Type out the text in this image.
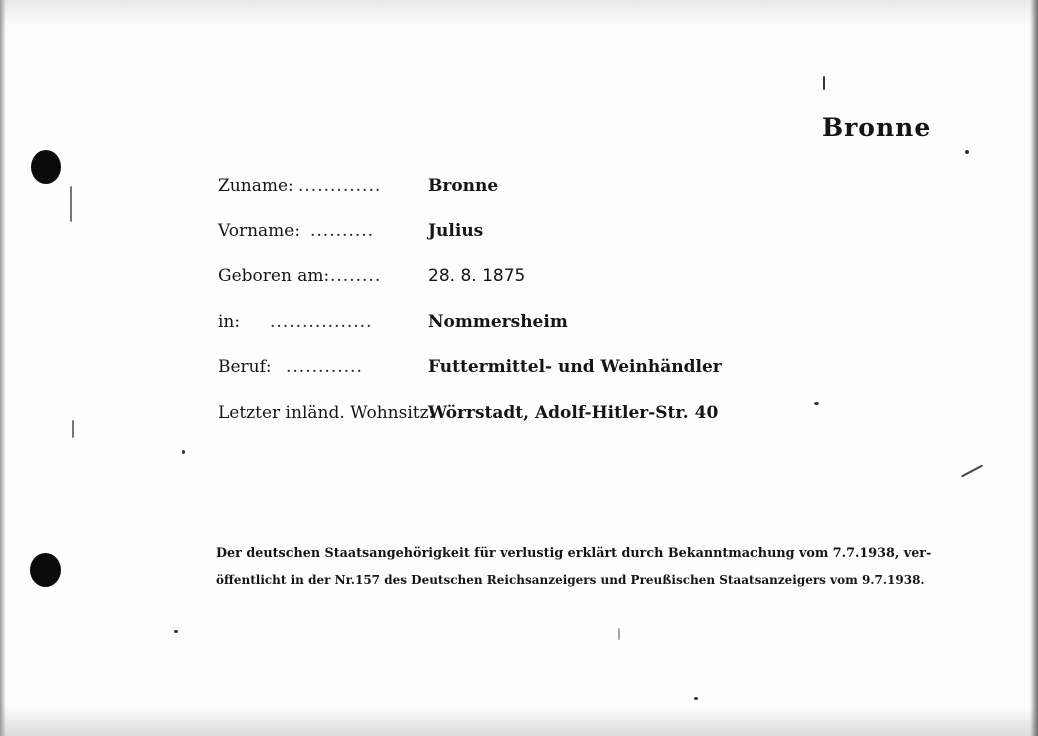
Bronne
Zuname: .............	Bronne
Vorname: ..........	Julius
Geboren am: ........	28. 8. 1875
in: ................	Nommersheim
Beruf: ............	Futtermittel- und Weinhändler
Letzter inländ. Wohnsitz:
Wörrstadt, Adolf-Hitler-Str. 40
Der deutschen Staatsangehörigkeit für verlustig erklärt durch Bekanntmachung vom 7.7.1938, ver-
öffentlicht in der Nr.157 des Deutschen Reichsanzeigers und Preußischen Staatsanzeigers vom 9.7.1938.
